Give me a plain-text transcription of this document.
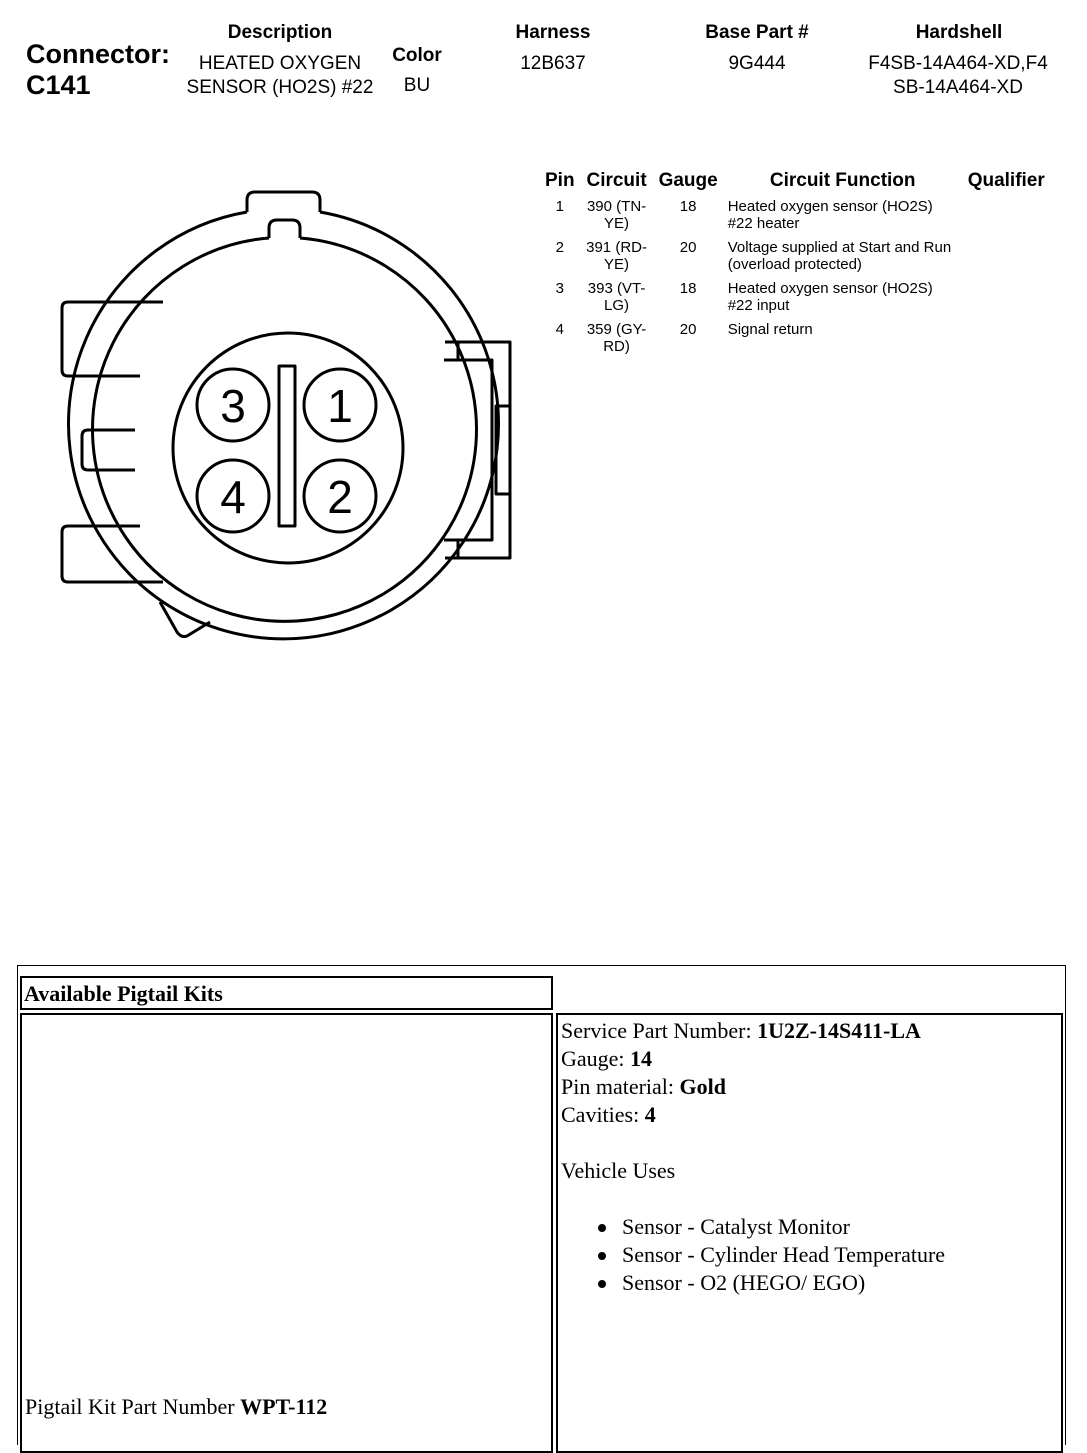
Connector:
C141
Description
HEATED OXYGEN SENSOR (HO2S) #22
Color
BU
Harness
12B637
Base Part #
9G444
Hardshell
F4SB-14A464-XD,F4SB-14A464-XD
3 1
4 2
Pin	Circuit	Gauge	Circuit Function	Qualifier
1	390 (TN-YE)	18	Heated oxygen sensor (HO2S) #22 heater	
2	391 (RD-YE)	20	Voltage supplied at Start and Run (overload protected)	
3	393 (VT-LG)	18	Heated oxygen sensor (HO2S) #22 input	
4	359 (GY-RD)	20	Signal return	
Available Pigtail Kits
Pigtail Kit Part Number WPT-112
Service Part Number: 1U2Z-14S411-LA
Gauge: 14
Pin material: Gold
Cavities: 4
Vehicle Uses
Sensor - Catalyst Monitor
Sensor - Cylinder Head Temperature
Sensor - O2 (HEGO/ EGO)
